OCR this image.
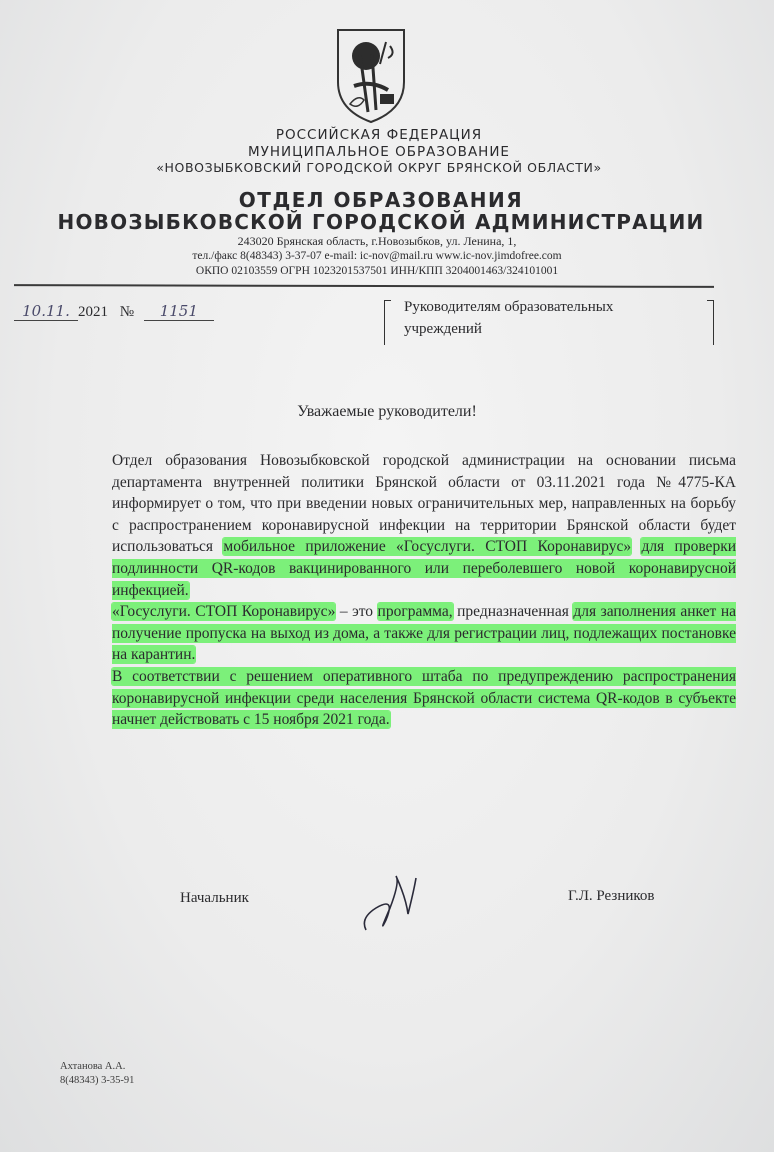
РОССИЙСКАЯ ФЕДЕРАЦИЯ
МУНИЦИПАЛЬНОЕ ОБРАЗОВАНИЕ
«НОВОЗЫБКОВСКИЙ ГОРОДСКОЙ ОКРУГ БРЯНСКОЙ ОБЛАСТИ»
ОТДЕЛ ОБРАЗОВАНИЯ
НОВОЗЫБКОВСКОЙ ГОРОДСКОЙ АДМИНИСТРАЦИИ
243020 Брянская область, г.Новозыбков, ул. Ленина, 1,
тел./факс 8(48343) 3-37-07 e-mail: ic-nov@mail.ru www.ic-nov.jimdofree.com
ОКПО 02103559 ОГРН 1023201537501 ИНН/КПП 3204001463/324101001
10.11. 2021 № 1151	Руководителям образовательных
учреждений
Уважаемые руководители!

Отдел образования Новозыбковской городской администрации на основании письма департамента внутренней политики Брянской области от 03.11.2021 года №4775-КА информирует о том, что при введении новых ограничительных мер, направленных на борьбу с распространением коронавирусной инфекции на территории Брянской области будет использоваться мобильное приложение «Госуслуги. СТОП Коронавирус» для проверки подлинности QR-кодов вакцинированного или переболевшего новой коронавирусной инфекцией.

«Госуслуги. СТОП Коронавирус» – это программа, предназначенная для заполнения анкет на получение пропуска на выход из дома, а также для регистрации лиц, подлежащих постановке на карантин.

В соответствии с решением оперативного штаба по предупреждению распространения коронавирусной инфекции среди населения Брянской области система QR-кодов в субъекте начнет действовать с 15 ноября 2021 года.

Начальник	Г.Л. Резников
Ахтанова А.А.
8(48343) 3-35-91
